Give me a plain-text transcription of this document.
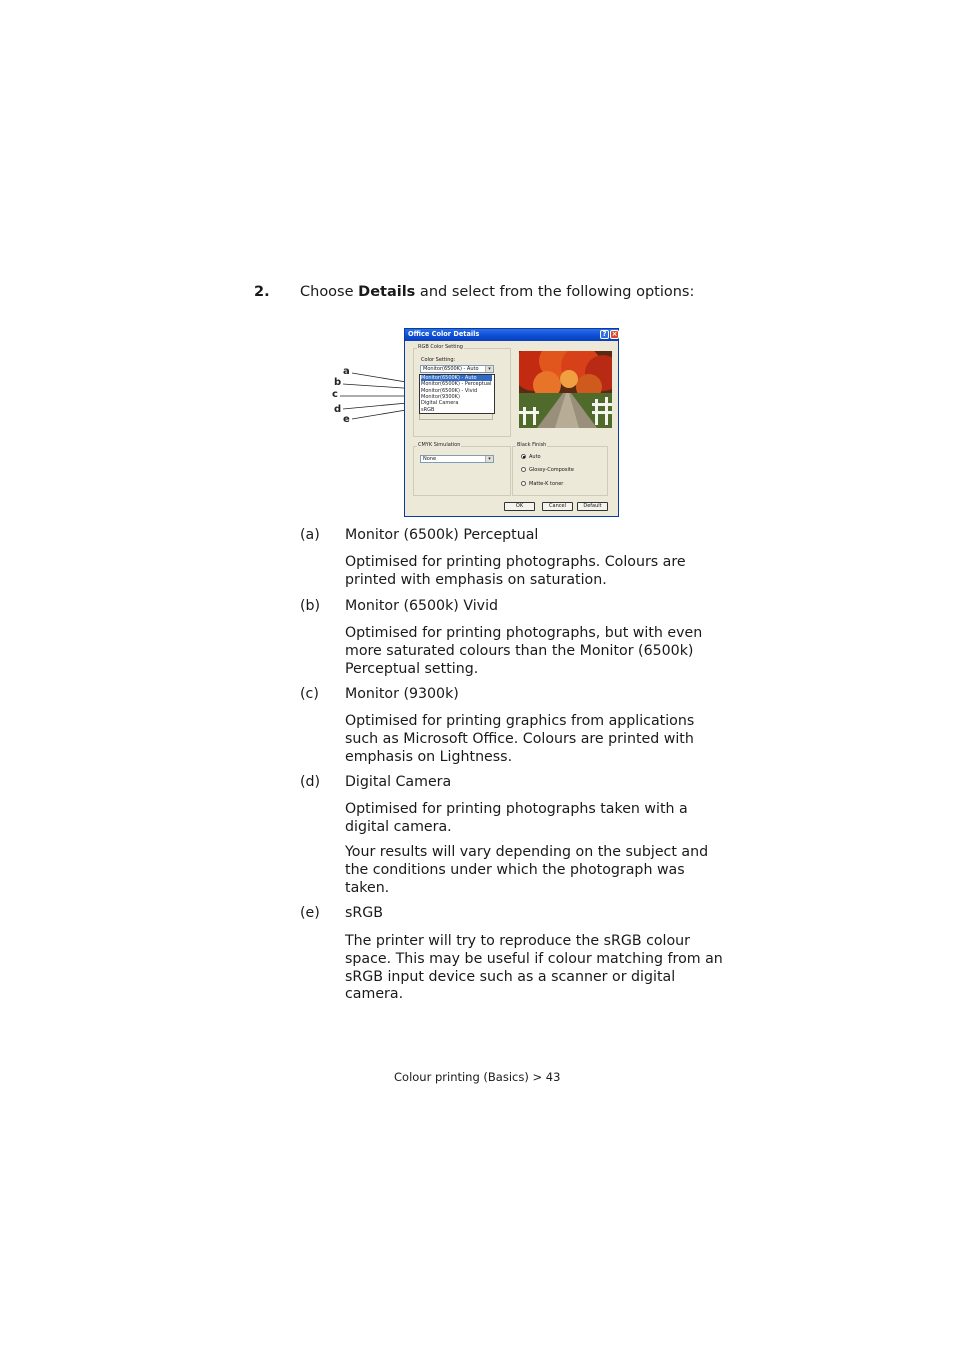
2. Choose Details and select from the following options:
a
b
c
d
e
Office Color Details	? ×
RGB Color Setting
Color Setting:
Monitor(6500K) - Auto	▾
Monitor(6500K) - Auto
Monitor(6500K) - Perceptual
Monitor(6500K) - Vivid
Monitor(9300K)
Digital Camera
sRGB
CMYK Simulation
None	▾
Black Finish
Auto
Glossy-Composite
Matte-K toner
OK	Cancel	Default
(a) Monitor (6500k) Perceptual
Optimised for printing photographs. Colours are printed with emphasis on saturation.
(b) Monitor (6500k) Vivid
Optimised for printing photographs, but with even more saturated colours than the Monitor (6500k) Perceptual setting.
(c) Monitor (9300k)
Optimised for printing graphics from applications such as Microsoft Office. Colours are printed with emphasis on Lightness.
(d) Digital Camera
Optimised for printing photographs taken with a digital camera.
Your results will vary depending on the subject and the conditions under which the photograph was taken.
(e) sRGB
The printer will try to reproduce the sRGB colour space. This may be useful if colour matching from an sRGB input device such as a scanner or digital camera.
Colour printing (Basics) > 43
